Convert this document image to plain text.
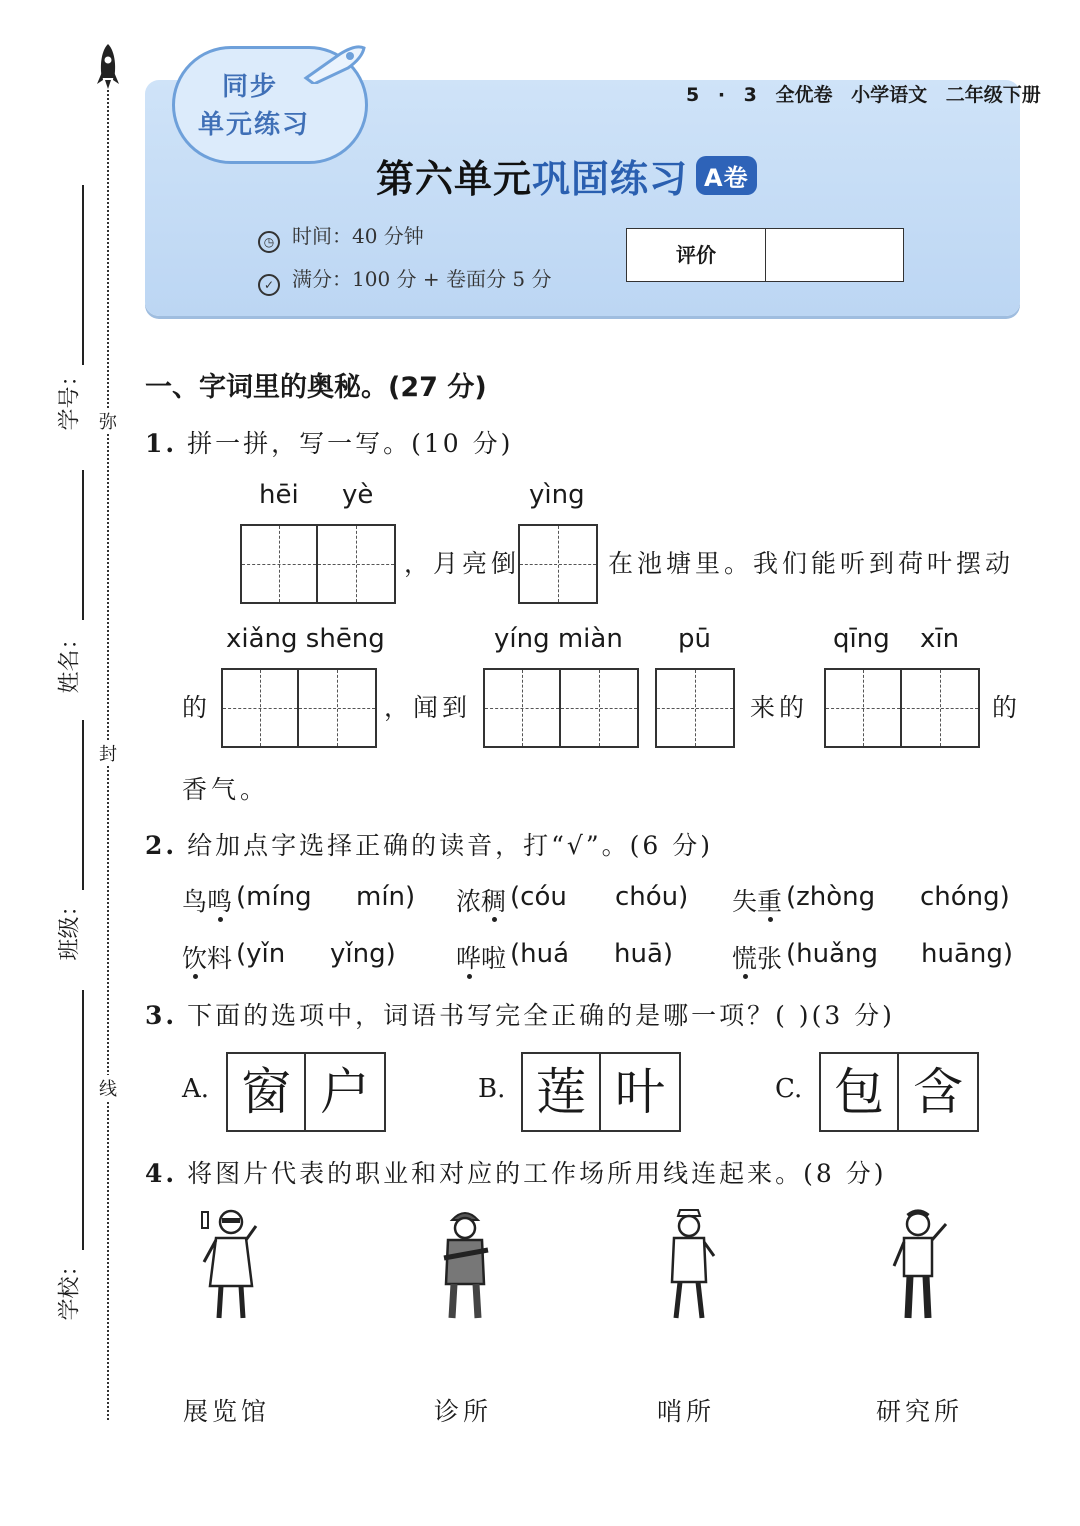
学号：
姓名：
班级：
学校：
弥
封
线
同步
单元练习
5 · 3 全优卷 小学语文 二年级下册
第六单元巩固练习 A卷
◷ 时间：40 分钟
✓ 满分：100 分 + 卷面分 5 分
评价
一、字词里的奥秘。(27 分)
1. 拼一拼，写一写。(10 分)
hēi yè	yìng
，月亮倒	在池塘里。我们能听到荷叶摆动
xiǎng shēng	yíng miàn pū	qīng xīn
的	，闻到	来的	的
香气。
2. 给加点字选择正确的读音，打“√”。(6 分)
鸟鸣 (míng mín) 浓稠 (cóu chóu) 失重 (zhòng chóng)
饮料 (yǐn yǐng) 哗啦 (huá huā) 慌张 (huǎng huāng)
3. 下面的选项中，词语书写完全正确的是哪一项？( )(3 分)
A. 窗 户	B. 莲 叶	C. 包 含
4. 将图片代表的职业和对应的工作场所用线连起来。(8 分)
展览馆	诊所	哨所	研究所
